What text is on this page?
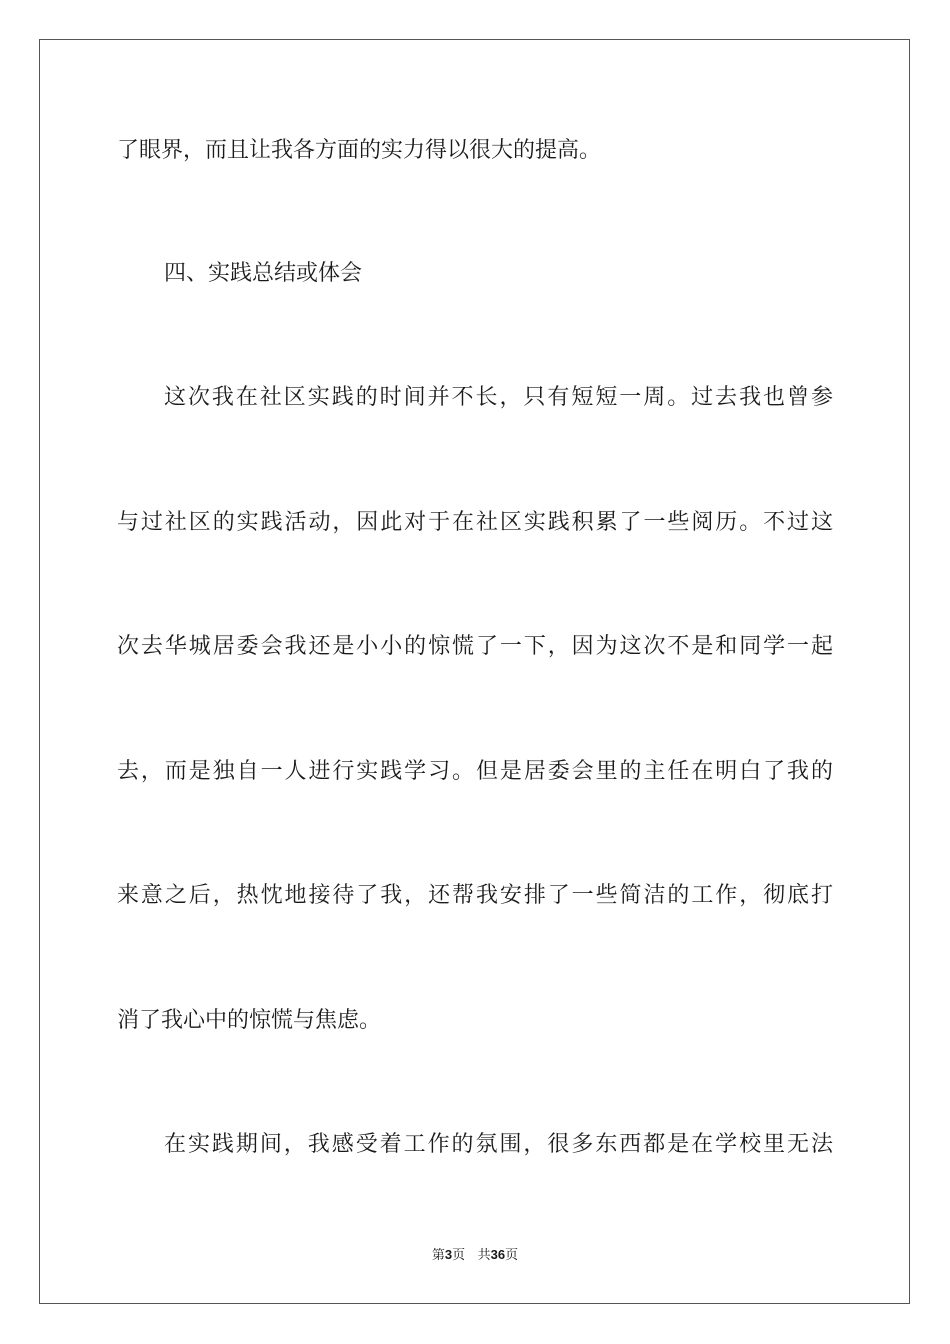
了眼界，而且让我各方面的实力得以很大的提高。
四、实践总结或体会
这次我在社区实践的时间并不长，只有短短一周。过去我也曾参
与过社区的实践活动，因此对于在社区实践积累了一些阅历。不过这
次去华城居委会我还是小小的惊慌了一下，因为这次不是和同学一起
去，而是独自一人进行实践学习。但是居委会里的主任在明白了我的
来意之后，热忱地接待了我，还帮我安排了一些简洁的工作，彻底打
消了我心中的惊慌与焦虑。
在实践期间，我感受着工作的氛围，很多东西都是在学校里无法
第3页 共36页
